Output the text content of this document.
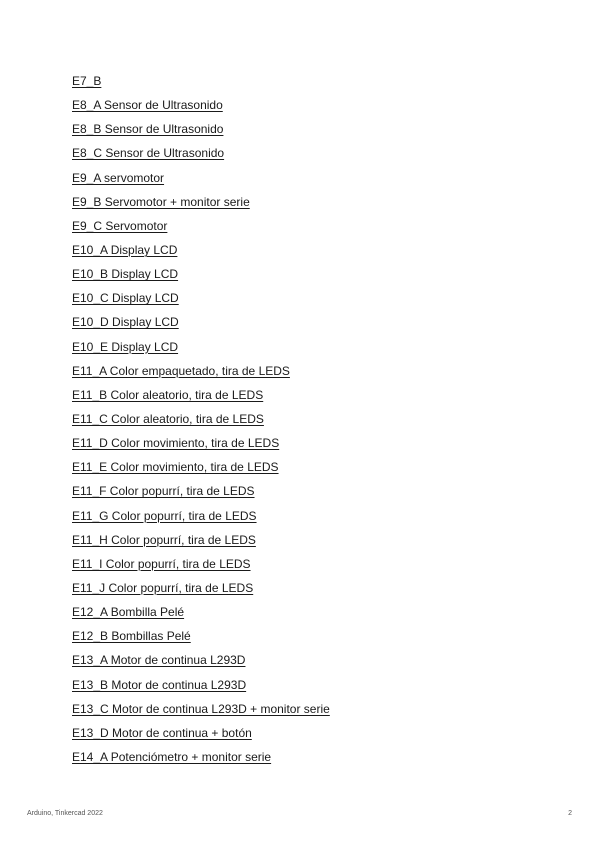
E7_B
E8_A Sensor de Ultrasonido
E8_B Sensor de Ultrasonido
E8_C Sensor de Ultrasonido
E9_A servomotor
E9_B Servomotor + monitor serie
E9_C Servomotor
E10_A Display LCD
E10_B Display LCD
E10_C Display LCD
E10_D Display LCD
E10_E Display LCD
E11_A Color empaquetado, tira de LEDS
E11_B Color aleatorio, tira de LEDS
E11_C Color aleatorio, tira de LEDS
E11_D Color movimiento, tira de LEDS
E11_E Color movimiento, tira de LEDS
E11_F Color popurrí, tira de LEDS
E11_G Color popurrí, tira de LEDS
E11_H Color popurrí, tira de LEDS
E11_I Color popurrí, tira de LEDS
E11_J Color popurrí, tira de LEDS
E12_A Bombilla Pelé
E12_B Bombillas Pelé
E13_A Motor de continua L293D
E13_B Motor de continua L293D
E13_C Motor de continua L293D + monitor serie
E13_D Motor de continua + botón
E14_A Potenciómetro + monitor serie
Arduino, Tinkercad 2022	2
